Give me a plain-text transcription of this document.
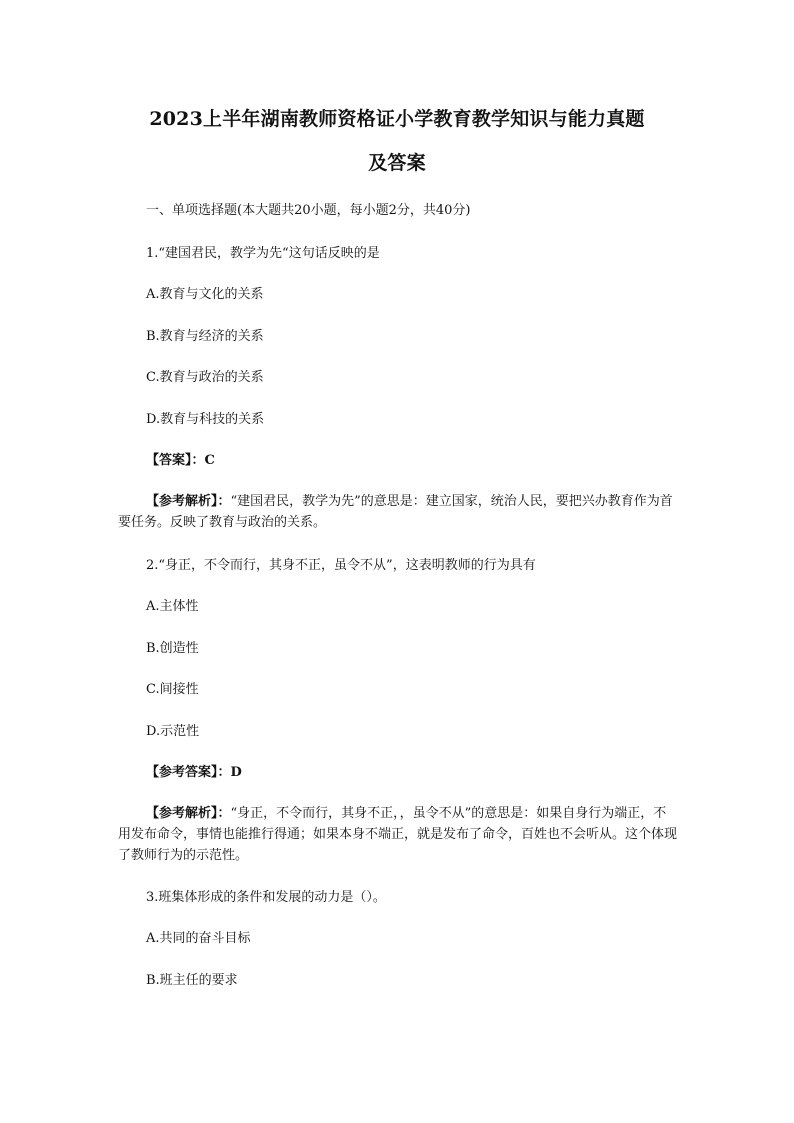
2023上半年湖南教师资格证小学教育教学知识与能力真题
及答案
一、单项选择题(本大题共20小题，每小题2分，共40分)
1.“建国君民，教学为先“这句话反映的是
A.教育与文化的关系
B.教育与经济的关系
C.教育与政治的关系
D.教育与科技的关系
【答案】：C
【参考解析】：“建国君民，教学为先”的意思是：建立国家，统治人民，要把兴办教育作为首要任务。反映了教育与政治的关系。
2.“身正，不令而行，其身不正，虽令不从”，这表明教师的行为具有
A.主体性
B.创造性
C.间接性
D.示范性
【参考答案】：D
【参考解析】：“身正，不令而行，其身不正，，虽令不从”的意思是：如果自身行为端正，不用发布命令，事情也能推行得通；如果本身不端正，就是发布了命令，百姓也不会听从。这个体现了教师行为的示范性。
3.班集体形成的条件和发展的动力是（）。
A.共同的奋斗目标
B.班主任的要求
